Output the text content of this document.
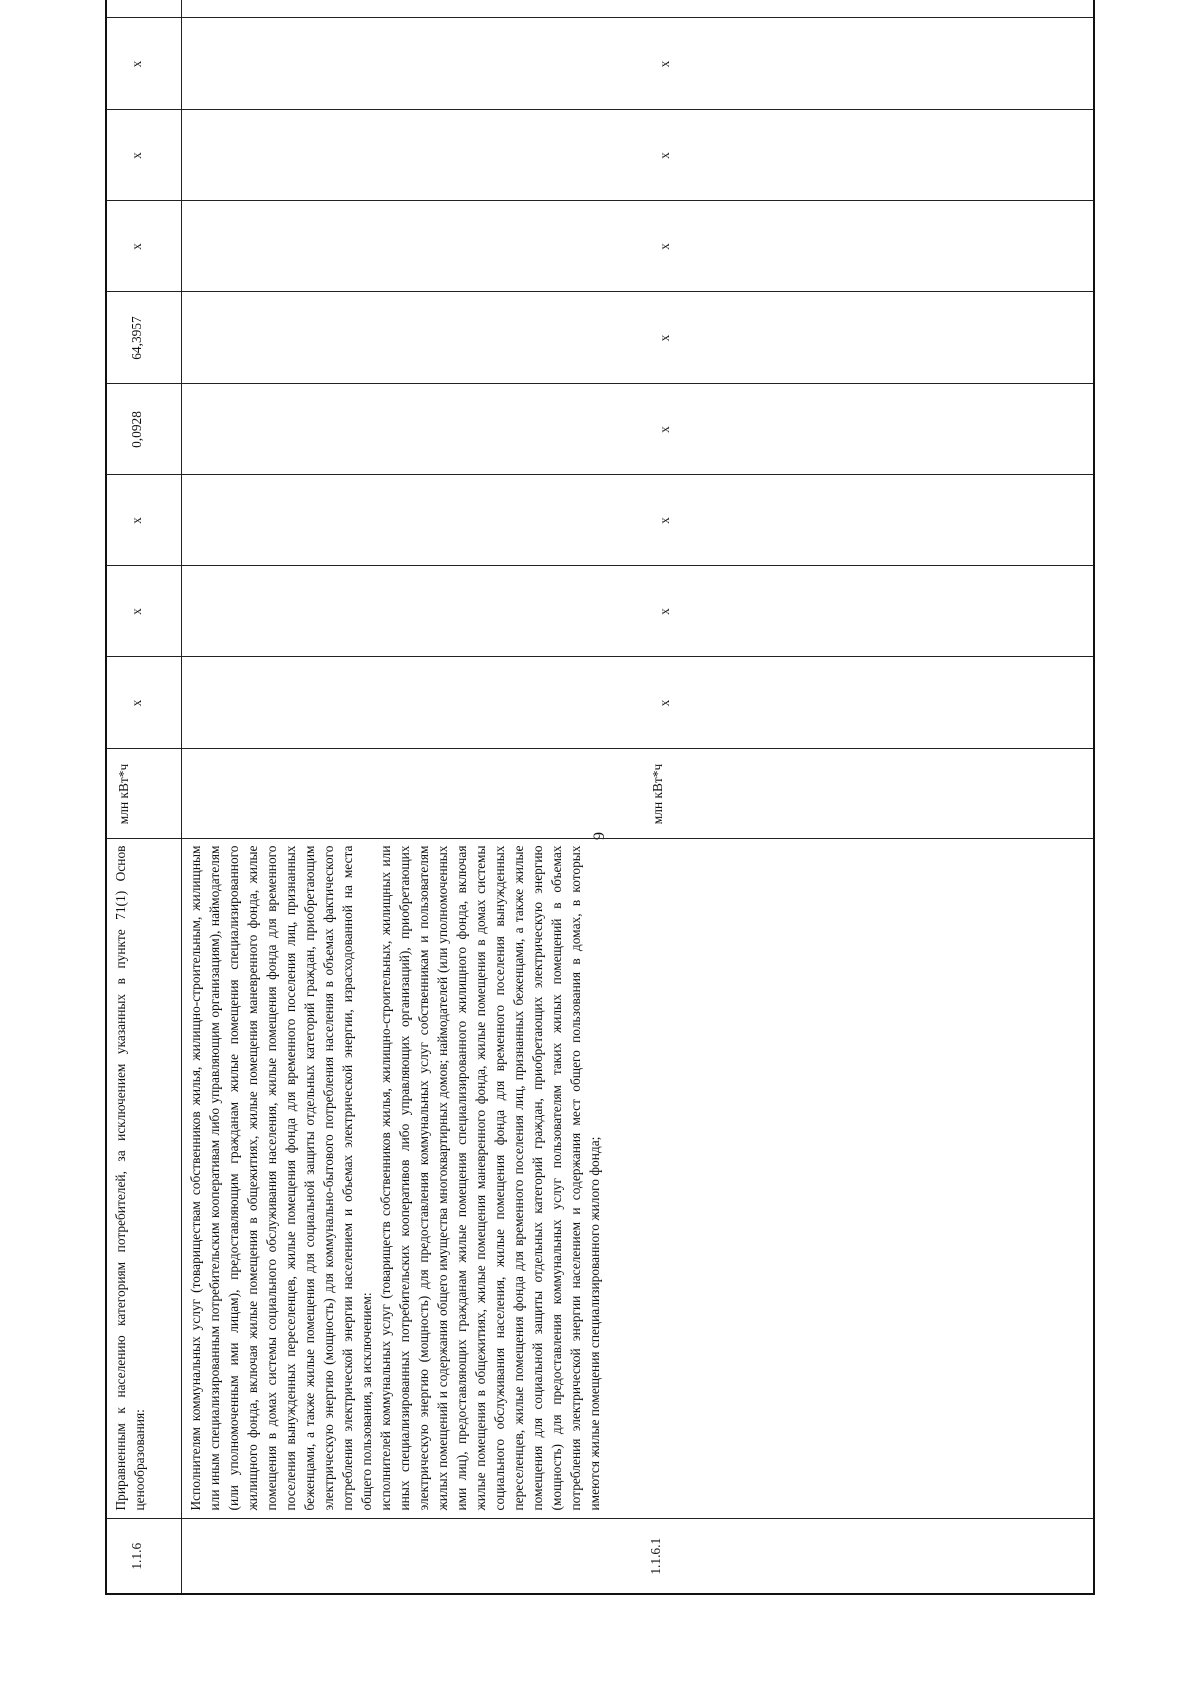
9
1.1.6	Приравненным к населению категориям потребителей, за исключением указанных в пункте 71(1) Основ ценообразования:	млн кВт*ч	х	х	х	0,0928	64,3957	х	х	х		
1.1.6.1	Исполнителям коммунальных услуг (товариществам собственников жилья, жилищно-строительным, жилищным или иным специализированным потребительским кооперативам либо управляющим организациям), наймодателям (или уполномоченным ими лицам), предоставляющим гражданам жилые помещения специализированного жилищного фонда, включая жилые помещения в общежитиях, жилые помещения маневренного фонда, жилые помещения в домах системы социального обслуживания населения, жилые помещения фонда для временного поселения вынужденных переселенцев, жилые помещения фонда для временного поселения лиц, признанных беженцами, а также жилые помещения для социальной защиты отдельных категорий граждан, приобретающим электрическую энергию (мощность) для коммунально-бытового потребления населения в объемах фактического потребления электрической энергии населением и объемах электрической энергии, израсходованной на места общего пользования, за исключением: исполнителей коммунальных услуг (товариществ собственников жилья, жилищно-строительных, жилищных или иных специализированных потребительских кооперативов либо управляющих организаций), приобретающих электрическую энергию (мощность) для предоставления коммунальных услуг собственникам и пользователям жилых помещений и содержания общего имущества многоквартирных домов; наймодателей (или уполномоченных ими лиц), предоставляющих гражданам жилые помещения специализированного жилищного фонда, включая жилые помещения в общежитиях, жилые помещения маневренного фонда, жилые помещения в домах системы социального обслуживания населения, жилые помещения фонда для временного поселения вынужденных переселенцев, жилые помещения фонда для временного поселения лиц, признанных беженцами, а также жилые помещения для социальной защиты отдельных категорий граждан, приобретающих электрическую энергию (мощность) для предоставления коммунальных услуг пользователям таких жилых помещений в объемах потребления электрической энергии населением и содержания мест общего пользования в домах, в которых имеются жилые помещения специализированного жилого фонда;	млн кВт*ч	х	х	х	х	х	х	х	х		
